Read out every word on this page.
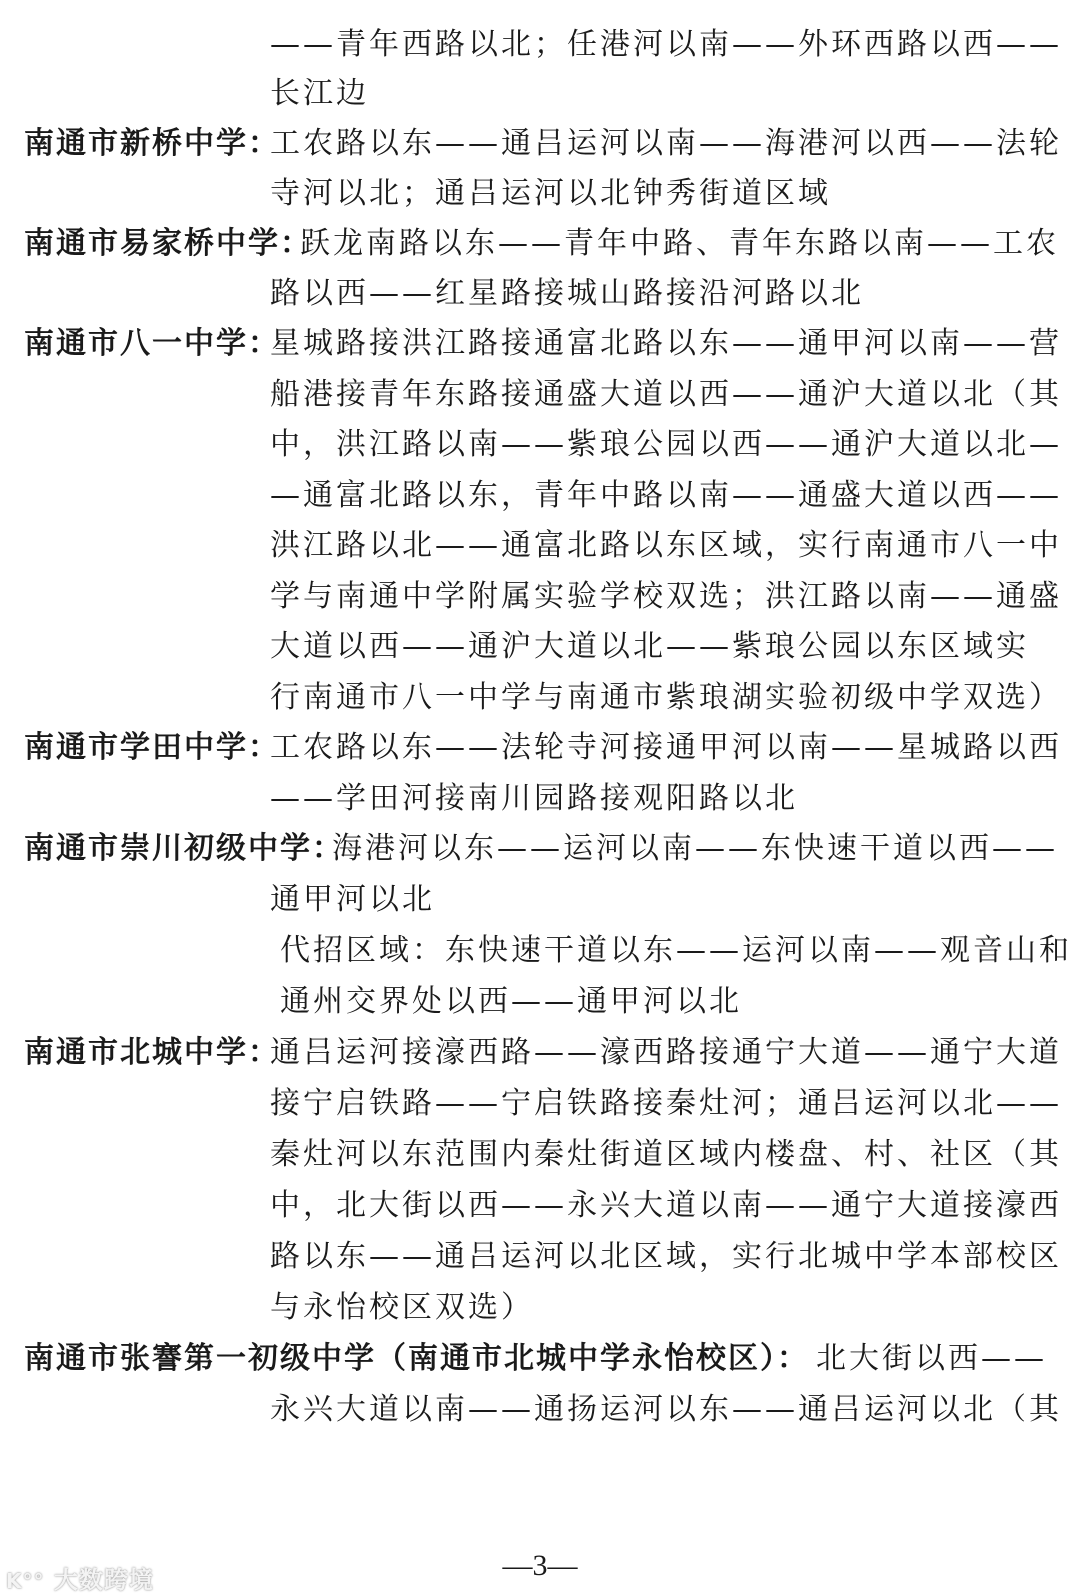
——青年西路以北；任港河以南——外环西路以西——
长江边
南通市新桥中学：
工农路以东——通吕运河以南——海港河以西——法轮
寺河以北；通吕运河以北钟秀街道区域
南通市易家桥中学：
跃龙南路以东——青年中路、青年东路以南——工农
路以西——红星路接城山路接沿河路以北
南通市八一中学：
星城路接洪江路接通富北路以东——通甲河以南——营
船港接青年东路接通盛大道以西——通沪大道以北（其
中，洪江路以南——紫琅公园以西——通沪大道以北—
—通富北路以东，青年中路以南——通盛大道以西——
洪江路以北——通富北路以东区域，实行南通市八一中
学与南通中学附属实验学校双选；洪江路以南——通盛
大道以西——通沪大道以北——紫琅公园以东区域实
行南通市八一中学与南通市紫琅湖实验初级中学双选）
南通市学田中学：
工农路以东——法轮寺河接通甲河以南——星城路以西
——学田河接南川园路接观阳路以北
南通市崇川初级中学：
海港河以东——运河以南——东快速干道以西——
通甲河以北
代招区域：东快速干道以东——运河以南——观音山和
通州交界处以西——通甲河以北
南通市北城中学：
通吕运河接濠西路——濠西路接通宁大道——通宁大道
接宁启铁路——宁启铁路接秦灶河；通吕运河以北——
秦灶河以东范围内秦灶街道区域内楼盘、村、社区（其
中，北大街以西——永兴大道以南——通宁大道接濠西
路以东——通吕运河以北区域，实行北城中学本部校区
与永怡校区双选）
南通市张謇第一初级中学（南通市北城中学永怡校区）： 北大街以西——
永兴大道以南——通扬运河以东——通吕运河以北（其
—3—
K°° 大数跨境
